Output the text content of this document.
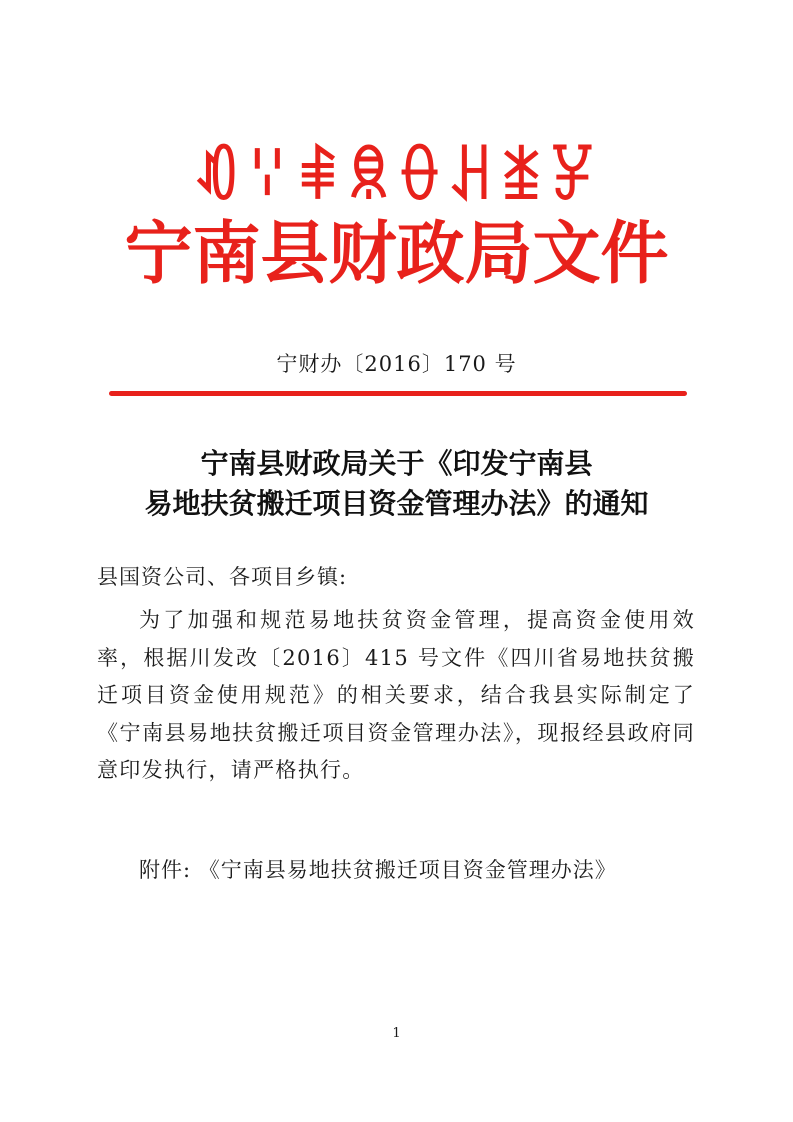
ꀒꈌꑌꌋꂷꃅꁧꐯ
宁南县财政局文件
宁财办〔2016〕170 号
宁南县财政局关于《印发宁南县
易地扶贫搬迁项目资金管理办法》的通知
县国资公司、各项目乡镇:

为了加强和规范易地扶贫资金管理，提高资金使用效率，根据川发改〔2016〕415 号文件《四川省易地扶贫搬迁项目资金使用规范》的相关要求，结合我县实际制定了《宁南县易地扶贫搬迁项目资金管理办法》，现报经县政府同意印发执行，请严格执行。

附件: 《宁南县易地扶贫搬迁项目资金管理办法》
1
